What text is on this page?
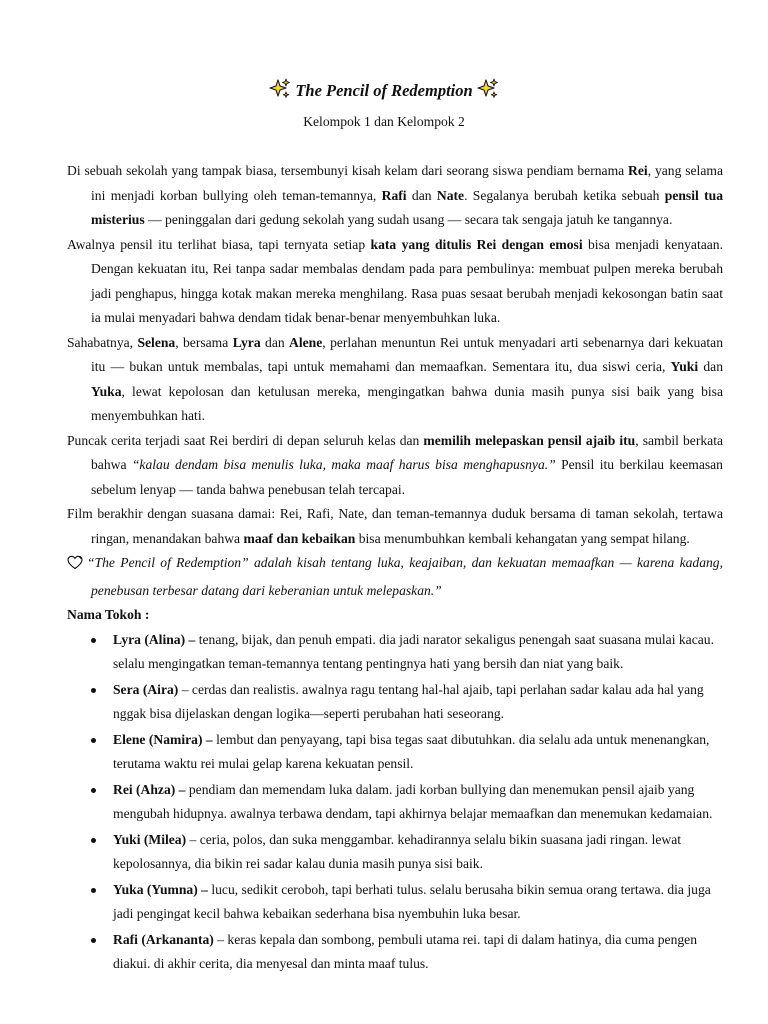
The Pencil of Redemption
Kelompok 1 dan Kelompok 2

Di sebuah sekolah yang tampak biasa, tersembunyi kisah kelam dari seorang siswa pendiam bernama Rei, yang selama ini menjadi korban bullying oleh teman-temannya, Rafi dan Nate. Segalanya berubah ketika sebuah pensil tua misterius — peninggalan dari gedung sekolah yang sudah usang — secara tak sengaja jatuh ke tangannya.

Awalnya pensil itu terlihat biasa, tapi ternyata setiap kata yang ditulis Rei dengan emosi bisa menjadi kenyataan. Dengan kekuatan itu, Rei tanpa sadar membalas dendam pada para pembulinya: membuat pulpen mereka berubah jadi penghapus, hingga kotak makan mereka menghilang. Rasa puas sesaat berubah menjadi kekosongan batin saat ia mulai menyadari bahwa dendam tidak benar-benar menyembuhkan luka.

Sahabatnya, Selena, bersama Lyra dan Alene, perlahan menuntun Rei untuk menyadari arti sebenarnya dari kekuatan itu — bukan untuk membalas, tapi untuk memahami dan memaafkan. Sementara itu, dua siswi ceria, Yuki dan Yuka, lewat kepolosan dan ketulusan mereka, mengingatkan bahwa dunia masih punya sisi baik yang bisa menyembuhkan hati.

Puncak cerita terjadi saat Rei berdiri di depan seluruh kelas dan memilih melepaskan pensil ajaib itu, sambil berkata bahwa “kalau dendam bisa menulis luka, maka maaf harus bisa menghapusnya.” Pensil itu berkilau keemasan sebelum lenyap — tanda bahwa penebusan telah tercapai.

Film berakhir dengan suasana damai: Rei, Rafi, Nate, dan teman-temannya duduk bersama di taman sekolah, tertawa ringan, menandakan bahwa maaf dan kebaikan bisa menumbuhkan kembali kehangatan yang sempat hilang.

“The Pencil of Redemption” adalah kisah tentang luka, keajaiban, dan kekuatan memaafkan — karena kadang, penebusan terbesar datang dari keberanian untuk melepaskan.”

Nama Tokoh :

Lyra (Alina) – tenang, bijak, dan penuh empati. dia jadi narator sekaligus penengah saat suasana mulai kacau. selalu mengingatkan teman-temannya tentang pentingnya hati yang bersih dan niat yang baik.
Sera (Aira) – cerdas dan realistis. awalnya ragu tentang hal-hal ajaib, tapi perlahan sadar kalau ada hal yang nggak bisa dijelaskan dengan logika—seperti perubahan hati seseorang.
Elene (Namira) – lembut dan penyayang, tapi bisa tegas saat dibutuhkan. dia selalu ada untuk menenangkan, terutama waktu rei mulai gelap karena kekuatan pensil.
Rei (Ahza) – pendiam dan memendam luka dalam. jadi korban bullying dan menemukan pensil ajaib yang mengubah hidupnya. awalnya terbawa dendam, tapi akhirnya belajar memaafkan dan menemukan kedamaian.
Yuki (Milea) – ceria, polos, dan suka menggambar. kehadirannya selalu bikin suasana jadi ringan. lewat kepolosannya, dia bikin rei sadar kalau dunia masih punya sisi baik.
Yuka (Yumna) – lucu, sedikit ceroboh, tapi berhati tulus. selalu berusaha bikin semua orang tertawa. dia juga jadi pengingat kecil bahwa kebaikan sederhana bisa nyembuhin luka besar.
Rafi (Arkananta) – keras kepala dan sombong, pembuli utama rei. tapi di dalam hatinya, dia cuma pengen diakui. di akhir cerita, dia menyesal dan minta maaf tulus.
